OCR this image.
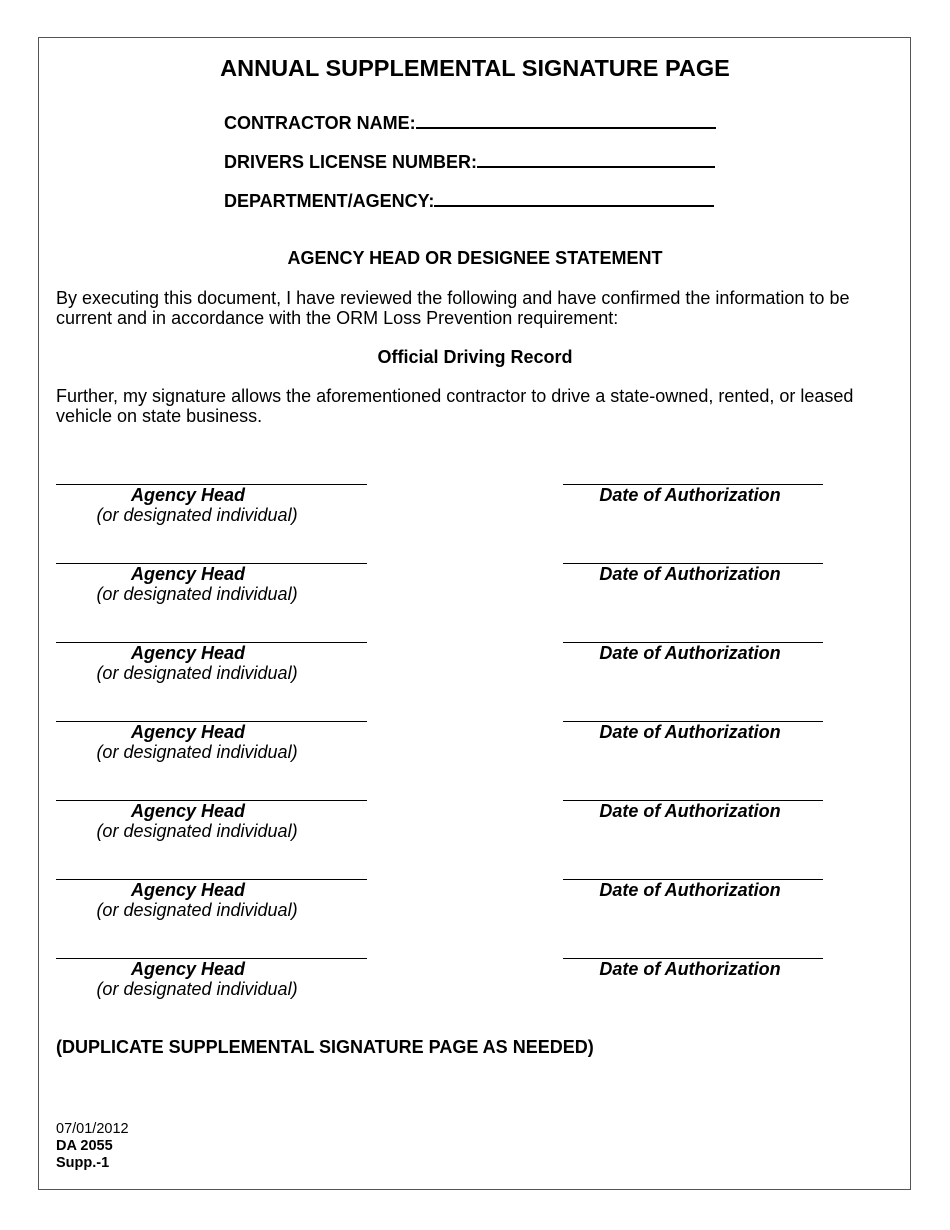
ANNUAL SUPPLEMENTAL SIGNATURE PAGE
CONTRACTOR NAME:
DRIVERS LICENSE NUMBER:
DEPARTMENT/AGENCY:
AGENCY HEAD OR DESIGNEE STATEMENT
By executing this document, I have reviewed the following and have confirmed the information to be current and in accordance with the ORM Loss Prevention requirement:
Official Driving Record
Further, my signature allows the aforementioned contractor to drive a state-owned, rented, or leased vehicle on state business.
Agency Head
(or designated individual)
Date of Authorization
Agency Head
(or designated individual)
Date of Authorization
Agency Head
(or designated individual)
Date of Authorization
Agency Head
(or designated individual)
Date of Authorization
Agency Head
(or designated individual)
Date of Authorization
Agency Head
(or designated individual)
Date of Authorization
Agency Head
(or designated individual)
Date of Authorization
(DUPLICATE SUPPLEMENTAL SIGNATURE PAGE AS NEEDED)
07/01/2012
DA 2055
Supp.-1
